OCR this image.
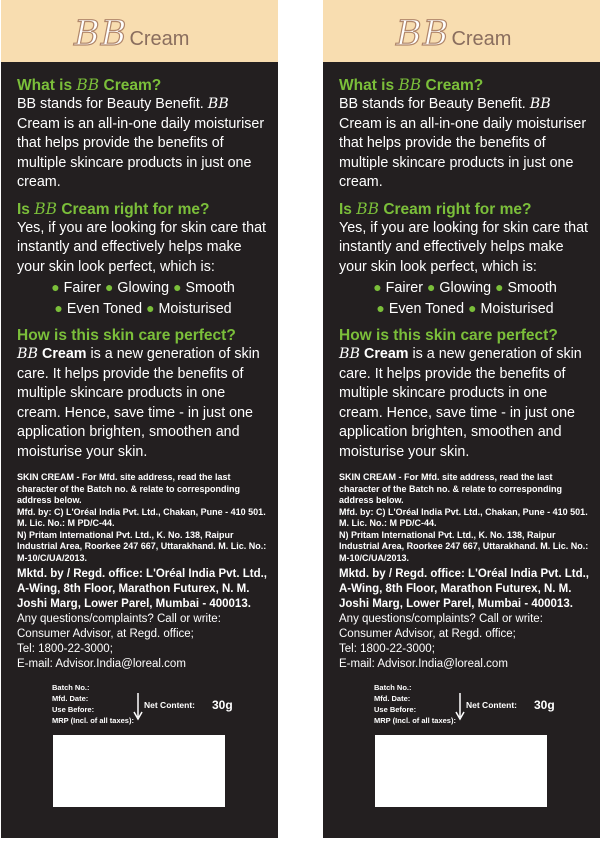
BB Cream

What is BB Cream?

BB stands for Beauty Benefit. BB Cream is an all-in-one daily moisturiser that helps provide the benefits of multiple skincare products in just one cream.

Is BB Cream right for me?

Yes, if you are looking for skin care that instantly and effectively helps make your skin look perfect, which is:

● Fairer ● Glowing ● Smooth

● Even Toned ● Moisturised

How is this skin care perfect?

BB Cream is a new generation of skin care. It helps provide the benefits of multiple skincare products in one cream. Hence, save time - in just one application brighten, smoothen and moisturise your skin.

SKIN CREAM - For Mfd. site address, read the last character of the Batch no. & relate to corresponding address below.

Mfd. by: C) L'Oréal India Pvt. Ltd., Chakan, Pune - 410 501. M. Lic. No.: M PD/C-44.

N) Pritam International Pvt. Ltd., K. No. 138, Raipur Industrial Area, Roorkee 247 667, Uttarakhand. M. Lic. No.: M-10/C/UA/2013.

Mktd. by / Regd. office: L'Oréal India Pvt. Ltd., A-Wing, 8th Floor, Marathon Futurex, N. M. Joshi Marg, Lower Parel, Mumbai - 400013.

Any questions/complaints? Call or write:

Consumer Advisor, at Regd. office;

Tel: 1800-22-3000;

E-mail: Advisor.India@loreal.com

Batch No.:
Mfd. Date:
Use Before:
MRP (Incl. of all taxes):
Net Content: 30g
BB Cream

What is BB Cream?

BB stands for Beauty Benefit. BB Cream is an all-in-one daily moisturiser that helps provide the benefits of multiple skincare products in just one cream.

Is BB Cream right for me?

Yes, if you are looking for skin care that instantly and effectively helps make your skin look perfect, which is:

● Fairer ● Glowing ● Smooth

● Even Toned ● Moisturised

How is this skin care perfect?

BB Cream is a new generation of skin care. It helps provide the benefits of multiple skincare products in one cream. Hence, save time - in just one application brighten, smoothen and moisturise your skin.

SKIN CREAM - For Mfd. site address, read the last character of the Batch no. & relate to corresponding address below.

Mfd. by: C) L'Oréal India Pvt. Ltd., Chakan, Pune - 410 501. M. Lic. No.: M PD/C-44.

N) Pritam International Pvt. Ltd., K. No. 138, Raipur Industrial Area, Roorkee 247 667, Uttarakhand. M. Lic. No.: M-10/C/UA/2013.

Mktd. by / Regd. office: L'Oréal India Pvt. Ltd., A-Wing, 8th Floor, Marathon Futurex, N. M. Joshi Marg, Lower Parel, Mumbai - 400013.

Any questions/complaints? Call or write:

Consumer Advisor, at Regd. office;

Tel: 1800-22-3000;

E-mail: Advisor.India@loreal.com

Batch No.:
Mfd. Date:
Use Before:
MRP (Incl. of all taxes):
Net Content: 30g
